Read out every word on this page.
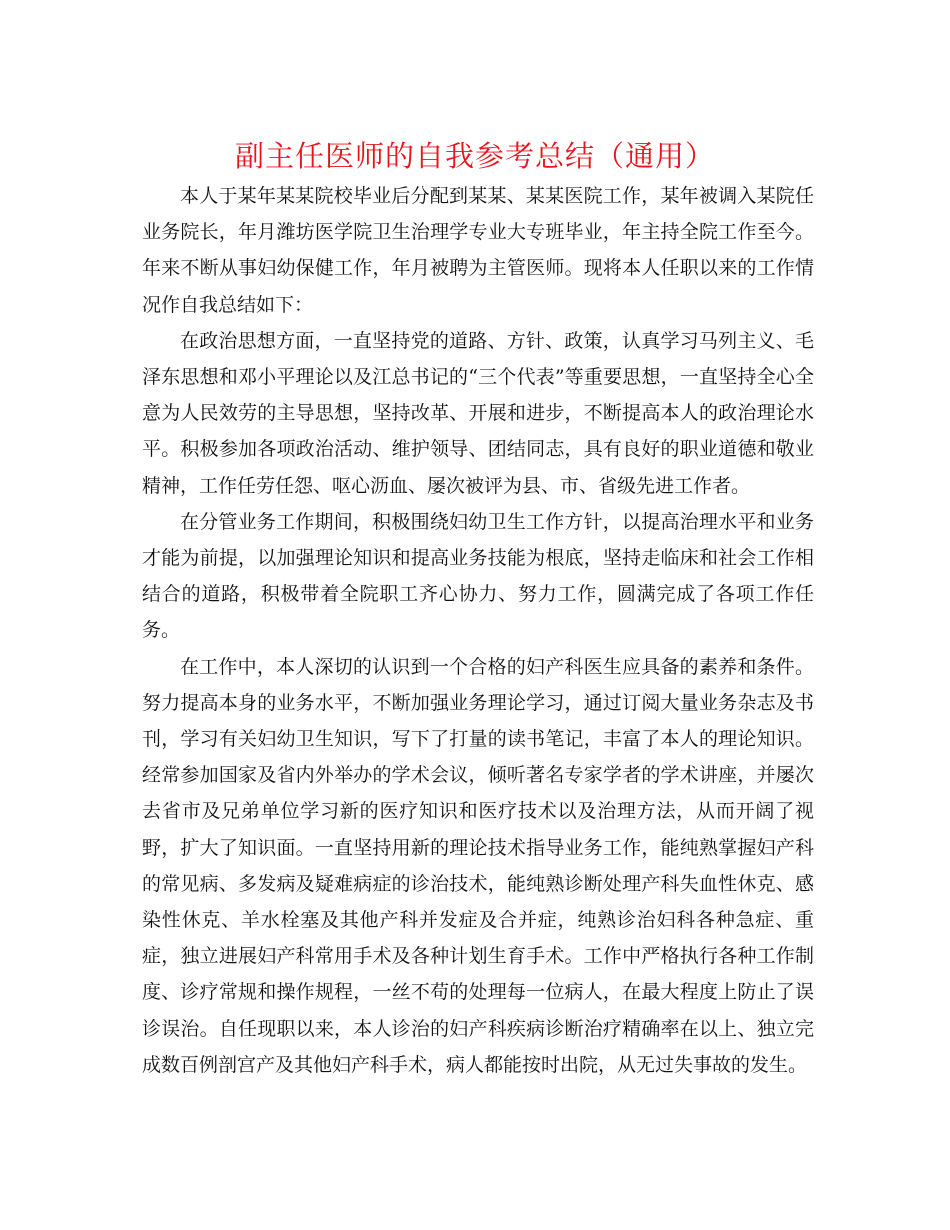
副主任医师的自我参考总结（通用）

本人于某年某某院校毕业后分配到某某、某某医院工作，某年被调入某院任业务院长，年月潍坊医学院卫生治理学专业大专班毕业，年主持全院工作至今。年来不断从事妇幼保健工作，年月被聘为主管医师。现将本人任职以来的工作情况作自我总结如下：

在政治思想方面，一直坚持党的道路、方针、政策，认真学习马列主义、毛泽东思想和邓小平理论以及江总书记的“三个代表”等重要思想，一直坚持全心全意为人民效劳的主导思想，坚持改革、开展和进步，不断提高本人的政治理论水平。积极参加各项政治活动、维护领导、团结同志，具有良好的职业道德和敬业精神，工作任劳任怨、呕心沥血、屡次被评为县、市、省级先进工作者。

在分管业务工作期间，积极围绕妇幼卫生工作方针，以提高治理水平和业务才能为前提，以加强理论知识和提高业务技能为根底，坚持走临床和社会工作相结合的道路，积极带着全院职工齐心协力、努力工作，圆满完成了各项工作任务。

在工作中，本人深切的认识到一个合格的妇产科医生应具备的素养和条件。努力提高本身的业务水平，不断加强业务理论学习，通过订阅大量业务杂志及书刊，学习有关妇幼卫生知识，写下了打量的读书笔记，丰富了本人的理论知识。经常参加国家及省内外举办的学术会议，倾听著名专家学者的学术讲座，并屡次去省市及兄弟单位学习新的医疗知识和医疗技术以及治理方法，从而开阔了视野，扩大了知识面。一直坚持用新的理论技术指导业务工作，能纯熟掌握妇产科的常见病、多发病及疑难病症的诊治技术，能纯熟诊断处理产科失血性休克、感染性休克、羊水栓塞及其他产科并发症及合并症，纯熟诊治妇科各种急症、重症，独立进展妇产科常用手术及各种计划生育手术。工作中严格执行各种工作制度、诊疗常规和操作规程，一丝不苟的处理每一位病人，在最大程度上防止了误诊误治。自任现职以来，本人诊治的妇产科疾病诊断治疗精确率在以上、独立完成数百例剖宫产及其他妇产科手术，病人都能按时出院，从无过失事故的发生。
